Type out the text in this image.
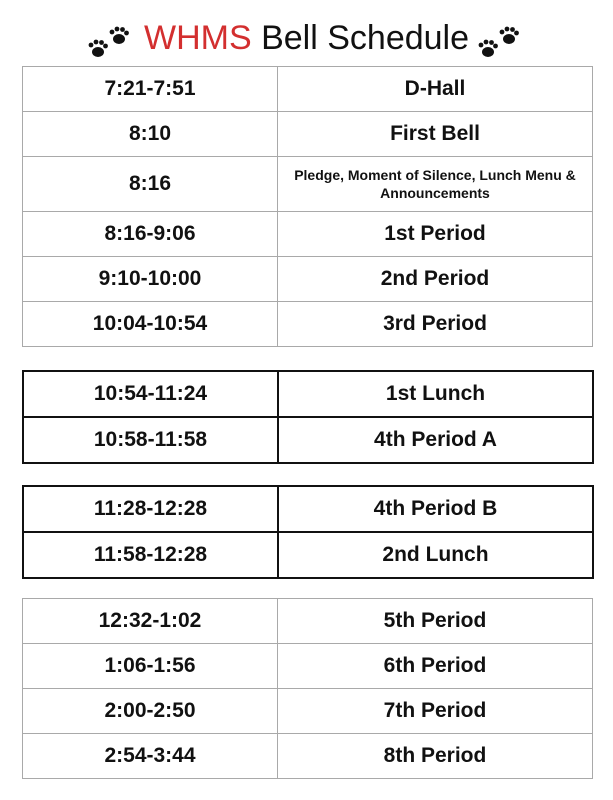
WHMS Bell Schedule
7:21-7:51	D-Hall
8:10	First Bell
8:16	Pledge, Moment of Silence, Lunch Menu & Announcements
8:16-9:06	1st Period
9:10-10:00	2nd Period
10:04-10:54	3rd Period
10:54-11:24	1st Lunch
10:58-11:58	4th Period A
11:28-12:28	4th Period B
11:58-12:28	2nd Lunch
12:32-1:02	5th Period
1:06-1:56	6th Period
2:00-2:50	7th Period
2:54-3:44	8th Period
